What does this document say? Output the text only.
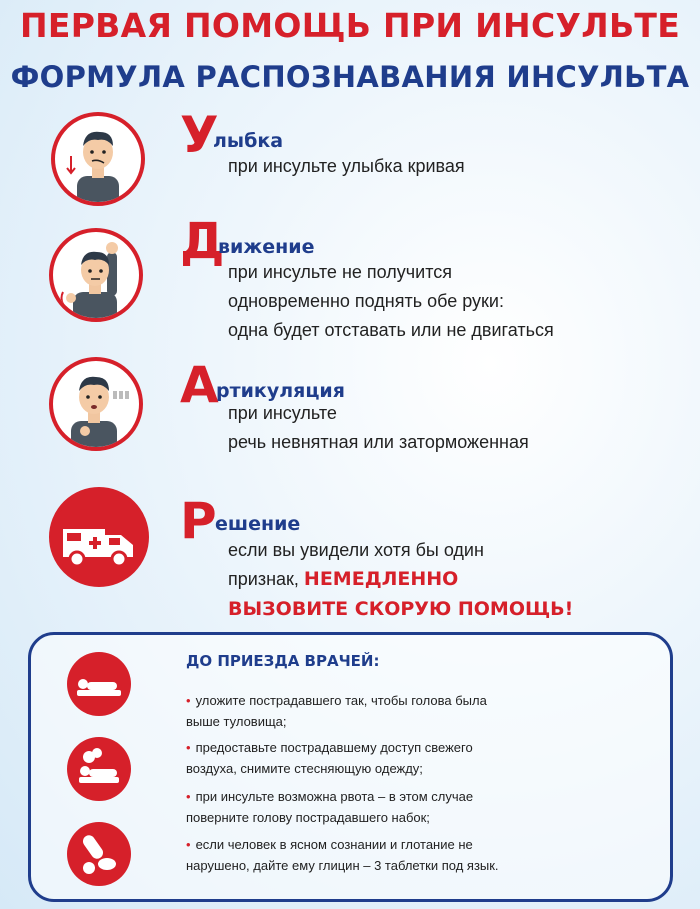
ПЕРВАЯ ПОМОЩЬ ПРИ ИНСУЛЬТЕ
ФОРМУЛА РАСПОЗНАВАНИЯ ИНСУЛЬТА
У
лыбка
при инсульте улыбка кривая
Д
вижение
при инсульте не получится
одновременно поднять обе руки:
одна будет отставать или не двигаться
А
ртикуляция
при инсульте
речь невнятная или заторможенная
Р
ешение
если вы увидели хотя бы один
признак, НЕМЕДЛЕННО
ВЫЗОВИТЕ СКОРУЮ ПОМОЩЬ!
ДО ПРИЕЗДА ВРАЧЕЙ:
• уложите пострадавшего так, чтобы голова была
выше туловища;
• предоставьте пострадавшему доступ свежего
воздуха, снимите стесняющую одежду;
• при инсульте возможна рвота – в этом случае
поверните голову пострадавшего набок;
• если человек в ясном сознании и глотание не
нарушено, дайте ему глицин – 3 таблетки под язык.
